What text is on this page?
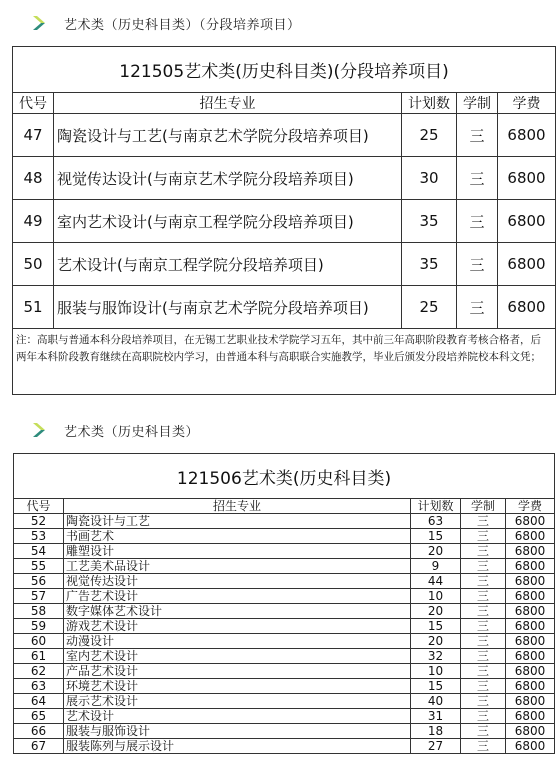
艺术类（历史科目类）（分段培养项目）
121505艺术类(历史科目类)(分段培养项目)				
代号	招生专业	计划数	学制	学费
47	陶瓷设计与工艺(与南京艺术学院分段培养项目)	25	三	6800
48	视觉传达设计(与南京艺术学院分段培养项目)	30	三	6800
49	室内艺术设计(与南京工程学院分段培养项目)	35	三	6800
50	艺术设计(与南京工程学院分段培养项目)	35	三	6800
51	服装与服饰设计(与南京艺术学院分段培养项目)	25	三	6800
注：高职与普通本科分段培养项目，在无锡工艺职业技术学院学习五年，其中前三年高职阶段教育考核合格者，后两年本科阶段教育继续在高职院校内学习，由普通本科与高职联合实施教学，毕业后颁发分段培养院校本科文凭；				
艺术类（历史科目类）
121506艺术类(历史科目类)				
代号	招生专业	计划数	学制	学费
52	陶瓷设计与工艺	63	三	6800
53	书画艺术	15	三	6800
54	雕塑设计	20	三	6800
55	工艺美术品设计	9	三	6800
56	视觉传达设计	44	三	6800
57	广告艺术设计	10	三	6800
58	数字媒体艺术设计	20	三	6800
59	游戏艺术设计	15	三	6800
60	动漫设计	20	三	6800
61	室内艺术设计	32	三	6800
62	产品艺术设计	10	三	6800
63	环境艺术设计	15	三	6800
64	展示艺术设计	40	三	6800
65	艺术设计	31	三	6800
66	服装与服饰设计	18	三	6800
67	服装陈列与展示设计	27	三	6800
